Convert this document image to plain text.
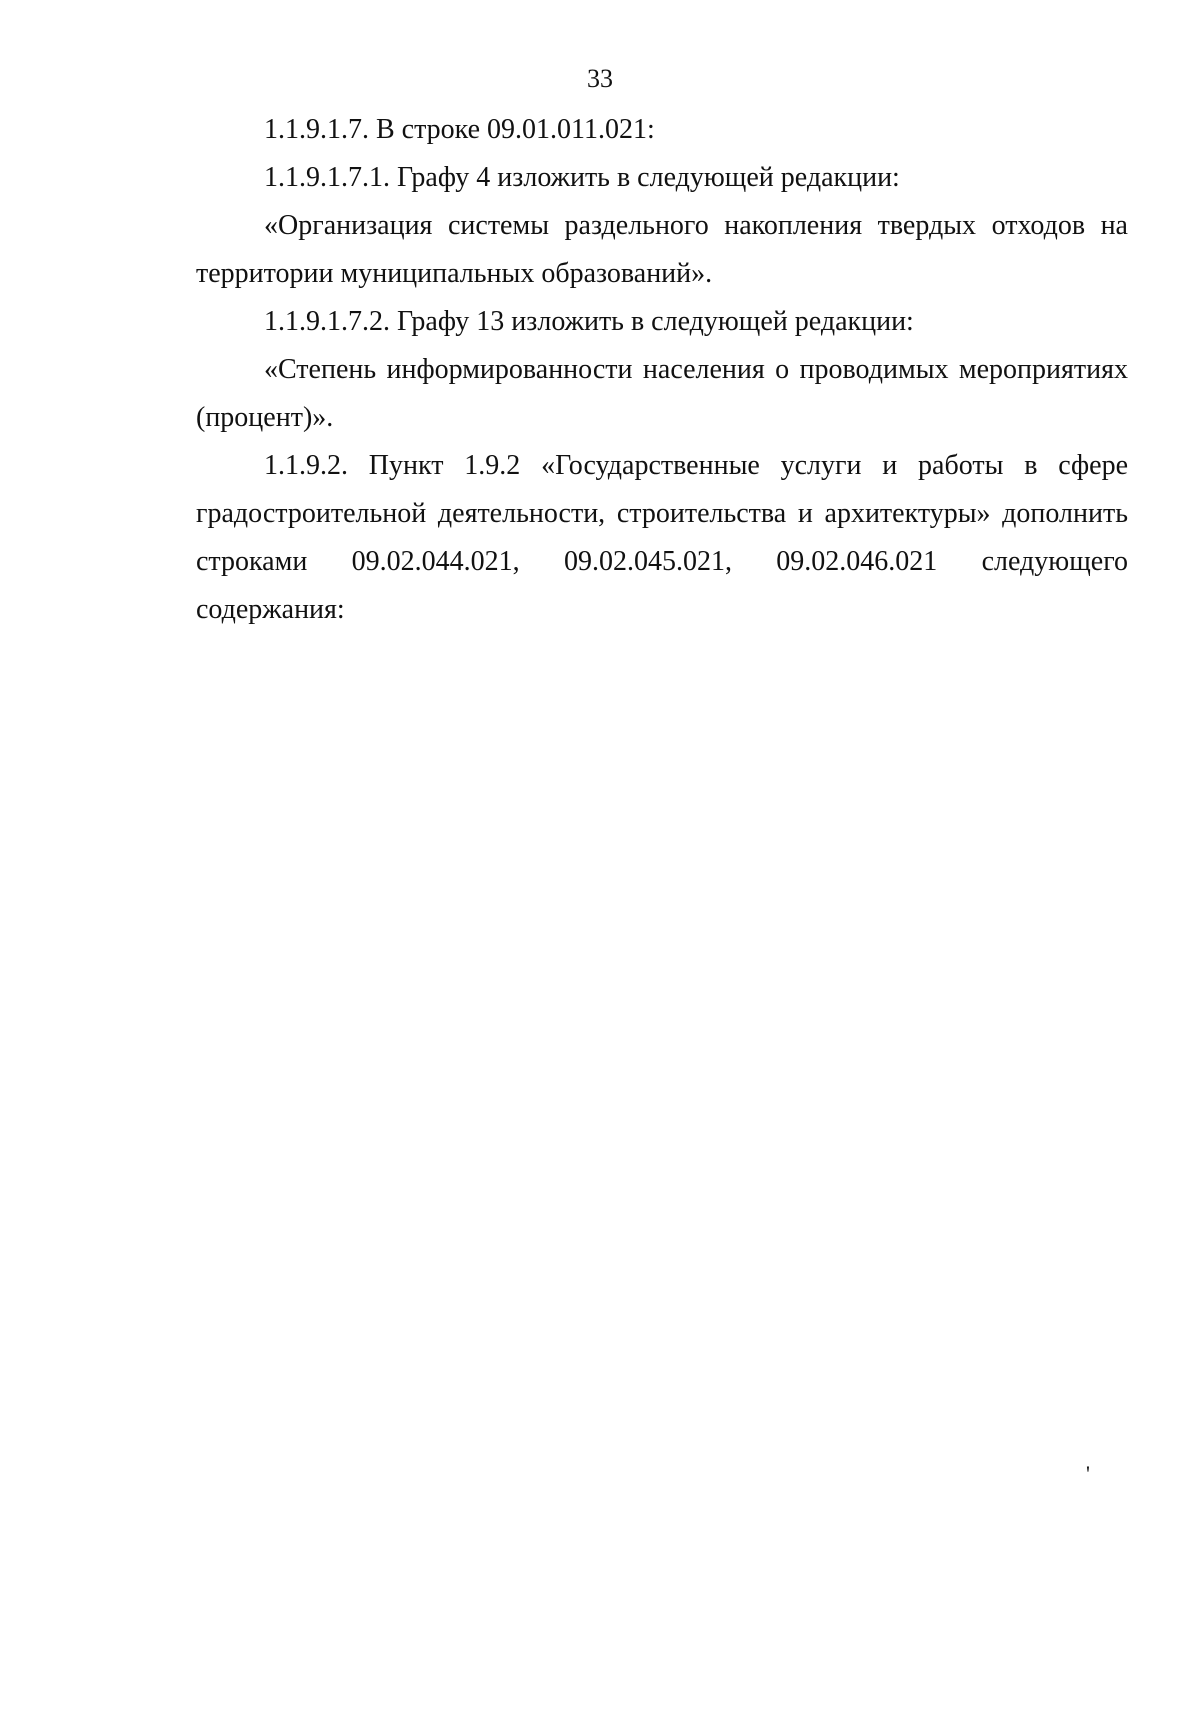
33

1.1.9.1.7. В строке 09.01.011.021:

1.1.9.1.7.1. Графу 4 изложить в следующей редакции:

«Организация системы раздельного накопления твердых отходов на территории муниципальных образований».

1.1.9.1.7.2. Графу 13 изложить в следующей редакции:

«Степень информированности населения о проводимых мероприятиях (процент)».

1.1.9.2. Пункт 1.9.2 «Государственные услуги и работы в сфере градостроительной деятельности, строительства и архитектуры» дополнить строками 09.02.044.021, 09.02.045.021, 09.02.046.021 следующего содержания:

'
